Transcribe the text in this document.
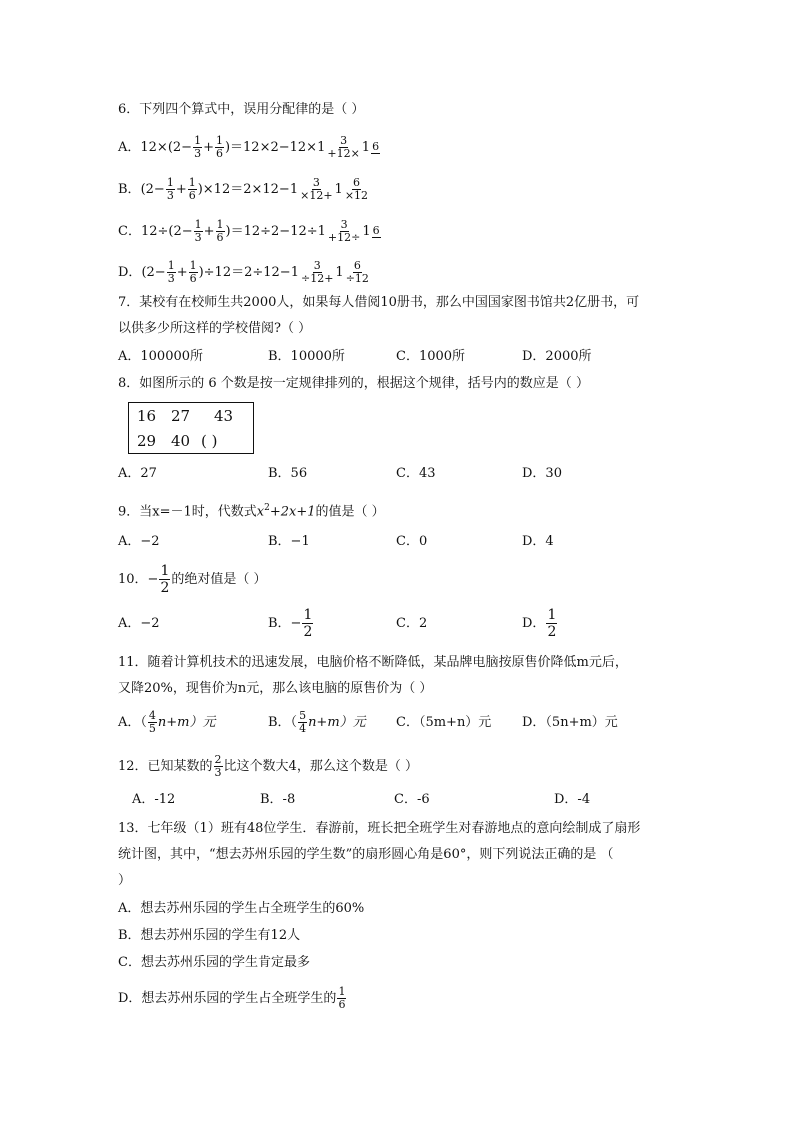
6．下列四个算式中，误用分配律的是（ ）
A．$12\times(2- \frac{1}{3} + \frac{1}{6} )=12\times 2-12\times 1 \frac{3}{+12\times} 1$ 6
B．$(2- \frac{1}{3} + \frac{1}{6} )\times 12=2\times 12-1 \frac{3}{\times 12+} 1 \frac{6}{\times 12}$
C．$12\div(2- \frac{1}{3} + \frac{1}{6} )=12\div 2-12\div 1 \frac{3}{+12\div} 1$ 6
D．$(2- \frac{1}{3} + \frac{1}{6} )\div 12=2\div 12-1 \frac{3}{\div 12+} 1 \frac{6}{\div 12}$
7．某校有在校师生共2000人，如果每人借阅10册书，那么中国国家图书馆共2亿册书，可
以供多少所这样的学校借阅?（ ）
A．100000所	B．10000所	C．1000所	D．2000所
8．如图所示的 6 个数是按一定规律排列的，根据这个规律，括号内的数应是（ ）
16 27 43
29 40 ( )
A．27	B．56	C．43	D．30
9．当x=－1时，代数式$x^2+2x+1$的值是（ ）
A．−2	B．−1	C．0	D．4
10．− $\frac{1}{2}$ 的绝对值是（ ）
A．−2	B．− $\frac{1}{2}$	C．2	D． $\frac{1}{2}$
11．随着计算机技术的迅速发展，电脑价格不断降低，某品牌电脑按原售价降低m元后，
又降20%，现售价为n元，那么该电脑的原售价为（ ）
A．（ $\frac{4}{5} n+m$）元	B．（ $\frac{5}{4} n+m$）元 C．（5m+n）元 D．（5n+m）元
12．已知某数的 $\frac{2}{3}$ 比这个数大4，那么这个数是（ ）
A．-12	B．-8	C．-6	D．-4
13．七年级（1）班有48位学生．春游前，班长把全班学生对春游地点的意向绘制成了扇形
统计图，其中，“想去苏州乐园的学生数”的扇形圆心角是60°，则下列说法正确的是 （
）
A．想去苏州乐园的学生占全班学生的60%
B．想去苏州乐园的学生有12人
C．想去苏州乐园的学生肯定最多
D．想去苏州乐园的学生占全班学生的 $\frac{1}{6}$
